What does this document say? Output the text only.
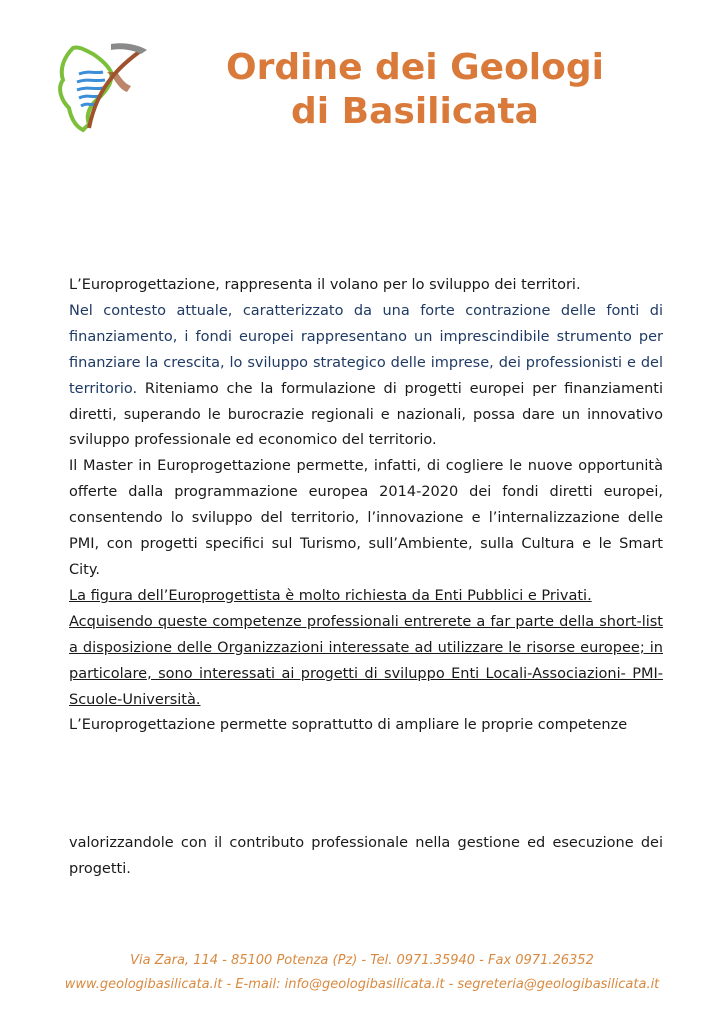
Ordine dei Geologi
di Basilicata

L’Europrogettazione, rappresenta il volano per lo sviluppo dei territori.

Nel contesto attuale, caratterizzato da una forte contrazione delle fonti di finanziamento, i fondi europei rappresentano un imprescindibile strumento per finanziare la crescita, lo sviluppo strategico delle imprese, dei professionisti e del territorio. Riteniamo che la formulazione di progetti europei per finanziamenti diretti, superando le burocrazie regionali e nazionali, possa dare un innovativo sviluppo professionale ed economico del territorio.

Il Master in Europrogettazione permette, infatti, di cogliere le nuove opportunità offerte dalla programmazione europea 2014-2020 dei fondi diretti europei, consentendo lo sviluppo del territorio, l’innovazione e l’internalizzazione delle PMI, con progetti specifici sul Turismo, sull’Ambiente, sulla Cultura e le Smart City.

La figura dell’Europrogettista è molto richiesta da Enti Pubblici e Privati.

Acquisendo queste competenze professionali entrerete a far parte della short-list a disposizione delle Organizzazioni interessate ad utilizzare le risorse europee; in particolare, sono interessati ai progetti di sviluppo Enti Locali-Associazioni- PMI-Scuole-Università.

L’Europrogettazione permette soprattutto di ampliare le proprie competenze

valorizzandole con il contributo professionale nella gestione ed esecuzione dei progetti.

Via Zara, 114 - 85100 Potenza (Pz) - Tel. 0971.35940 - Fax 0971.26352

www.geologibasilicata.it - E-mail: info@geologibasilicata.it - segreteria@geologibasilicata.it
